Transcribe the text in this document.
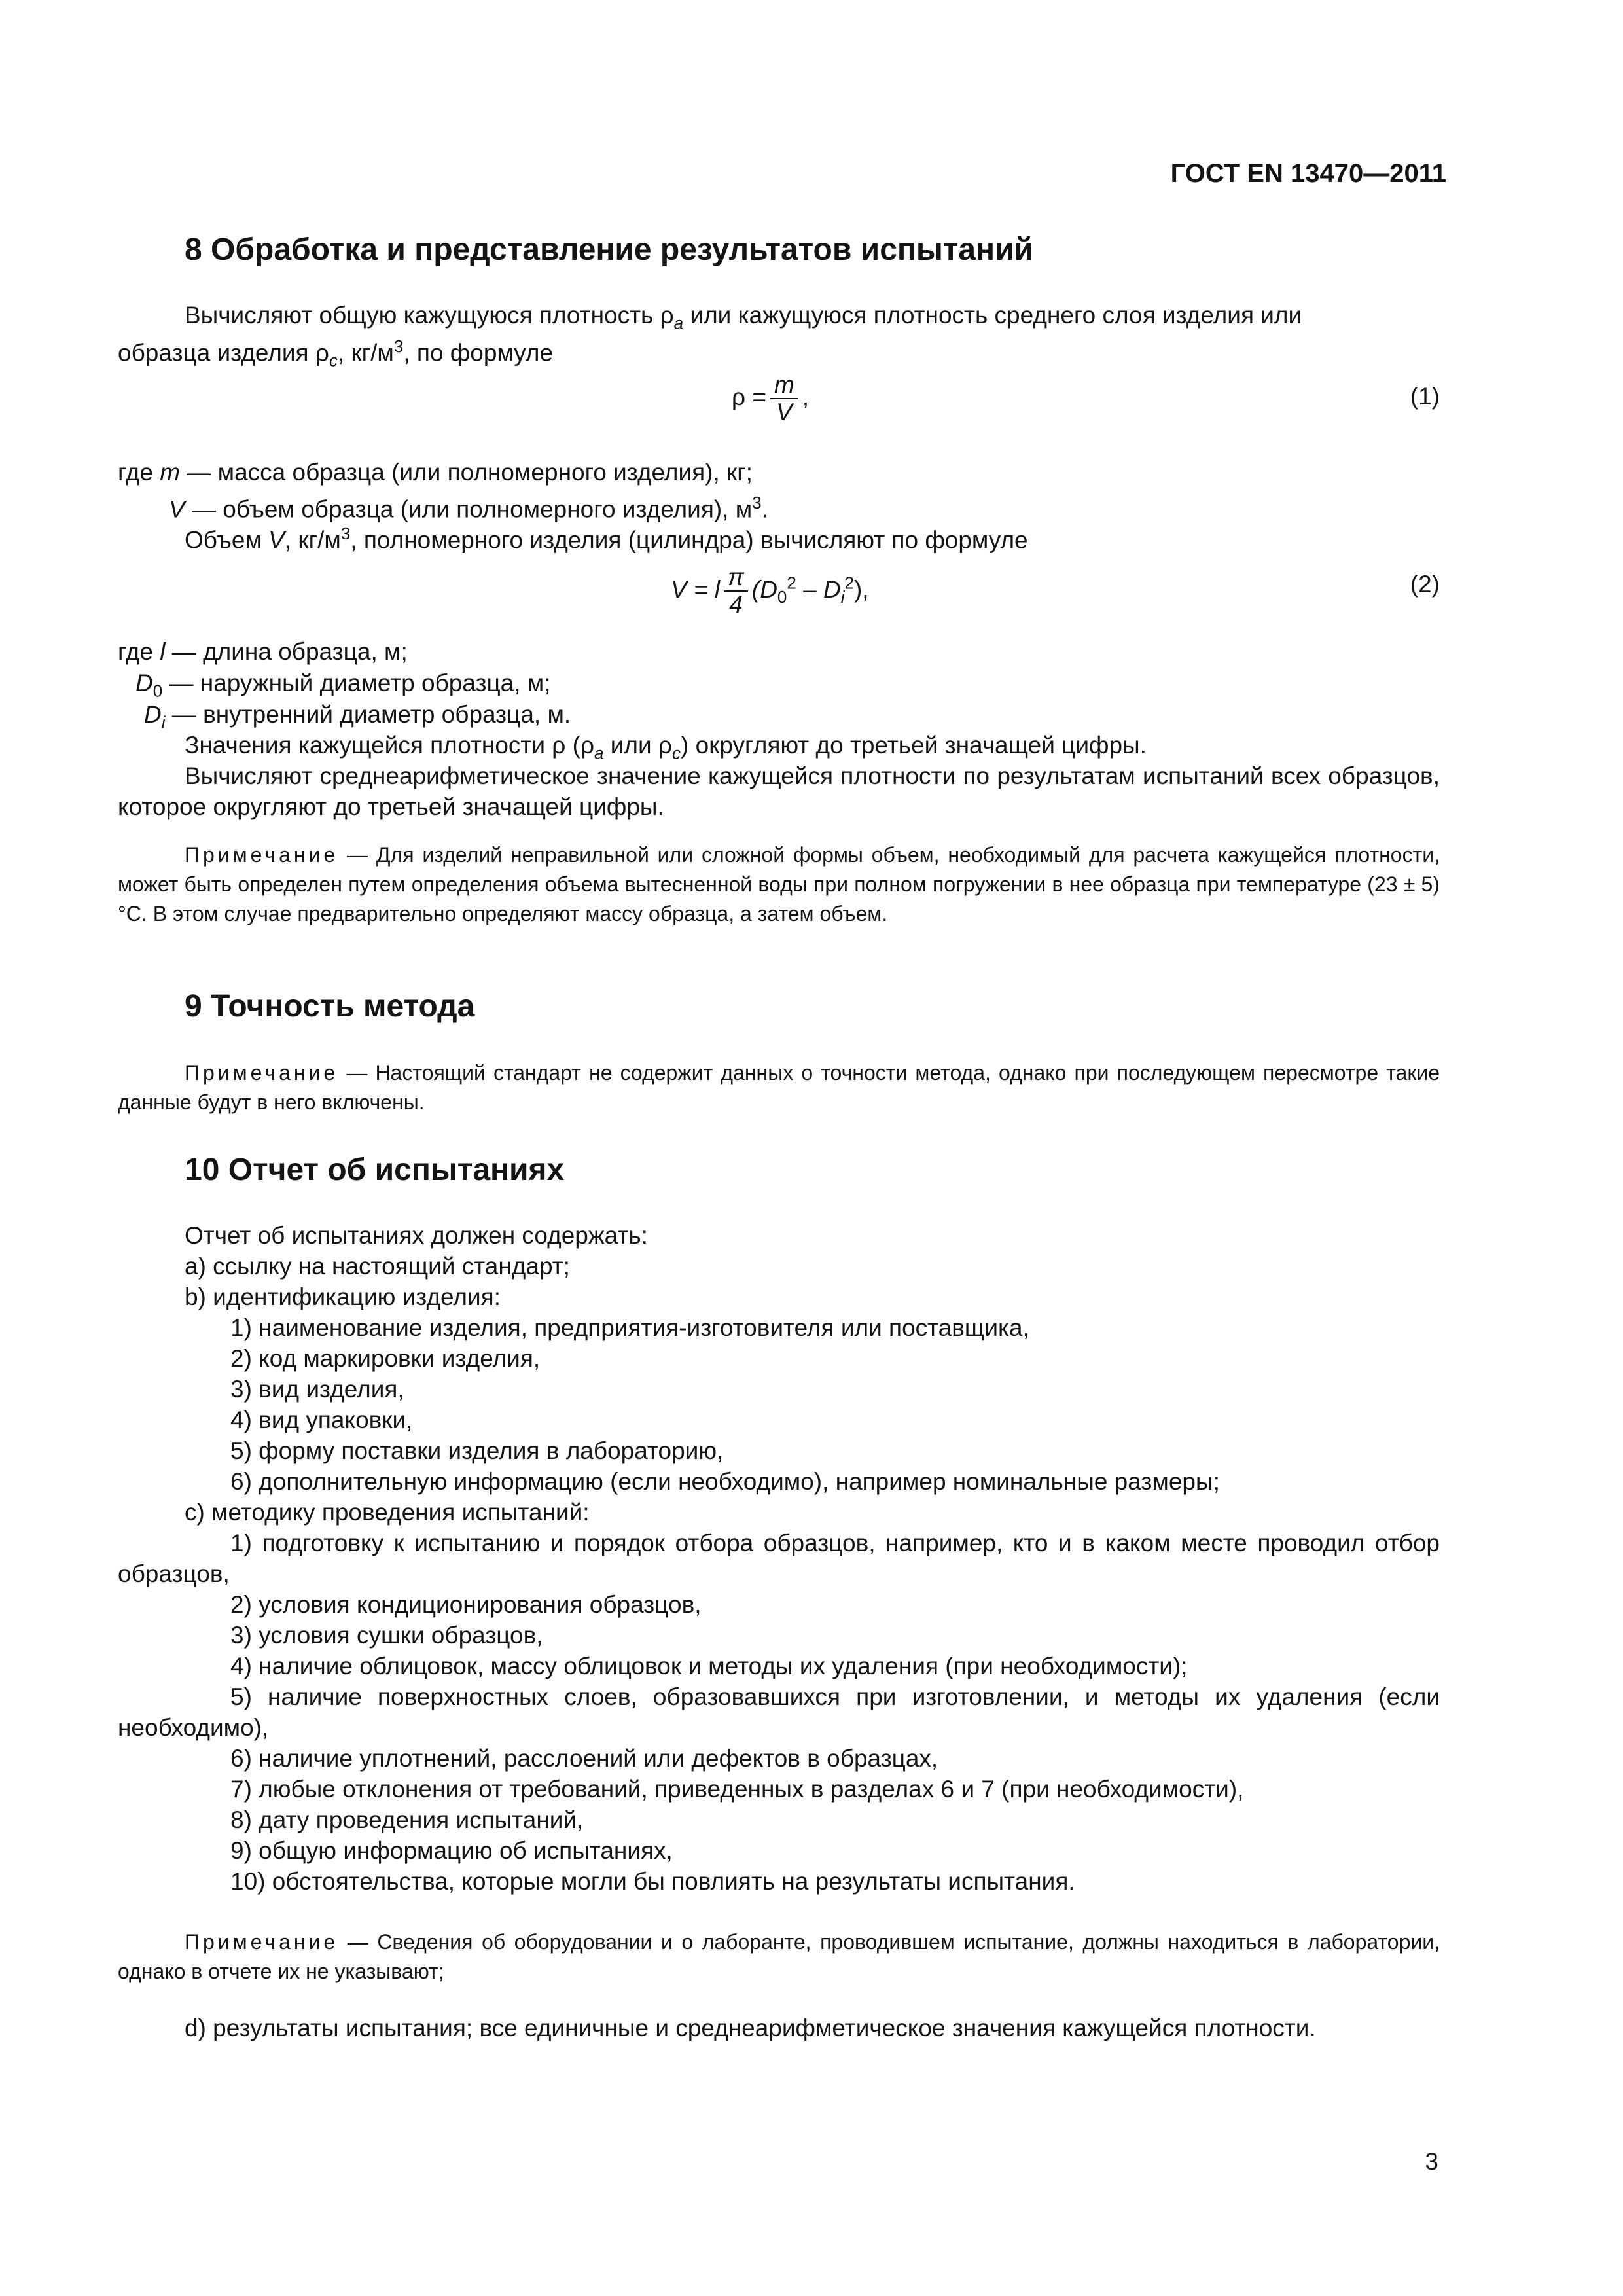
ГОСТ EN 13470—2011
8 Обработка и представление результатов испытаний
Вычисляют общую кажущуюся плотность $\rho_a$ или кажущуюся плотность среднего слоя изделия или
образца изделия $\rho_c$, $кг/м^3$, по формуле
$\rho = \frac{m}{V}$ ,	(1)
где m — масса образца (или полномерного изделия), кг;
V — объем образца (или полномерного изделия), $м^3$.
Объем V, $кг/м^3$, полномерного изделия (цилиндра) вычисляют по формуле
V = l $\frac{\pi}{4} (D_0^2 - D_i^2)$,	(2)
где l — длина образца, м;
$D_0$ — наружный диаметр образца, м;
$D_i$ — внутренний диаметр образца, м.
Значения кажущейся плотности ρ ($\rho_a$ или $\rho_c$) округляют до третьей значащей цифры.
Вычисляют среднеарифметическое значение кажущейся плотности по результатам испытаний всех образцов, которое округляют до третьей значащей цифры.
Примечание — Для изделий неправильной или сложной формы объем, необходимый для расчета кажущейся плотности, может быть определен путем определения объема вытесненной воды при полном погружении в нее образца при температуре (23 ± 5) °С. В этом случае предварительно определяют массу образца, а затем объем.
9 Точность метода
Примечание — Настоящий стандарт не содержит данных о точности метода, однако при последующем пересмотре такие данные будут в него включены.
10 Отчет об испытаниях
Отчет об испытаниях должен содержать:
a) ссылку на настоящий стандарт;
b) идентификацию изделия:
1) наименование изделия, предприятия-изготовителя или поставщика,
2) код маркировки изделия,
3) вид изделия,
4) вид упаковки,
5) форму поставки изделия в лабораторию,
6) дополнительную информацию (если необходимо), например номинальные размеры;
c) методику проведения испытаний:
1) подготовку к испытанию и порядок отбора образцов, например, кто и в каком месте проводил отбор образцов,
2) условия кондиционирования образцов,
3) условия сушки образцов,
4) наличие облицовок, массу облицовок и методы их удаления (при необходимости);
5) наличие поверхностных слоев, образовавшихся при изготовлении, и методы их удаления (если необходимо),
6) наличие уплотнений, расслоений или дефектов в образцах,
7) любые отклонения от требований, приведенных в разделах 6 и 7 (при необходимости),
8) дату проведения испытаний,
9) общую информацию об испытаниях,
10) обстоятельства, которые могли бы повлиять на результаты испытания.
Примечание — Сведения об оборудовании и о лаборанте, проводившем испытание, должны находиться в лаборатории, однако в отчете их не указывают;
d) результаты испытания; все единичные и среднеарифметическое значения кажущейся плотности.
3
